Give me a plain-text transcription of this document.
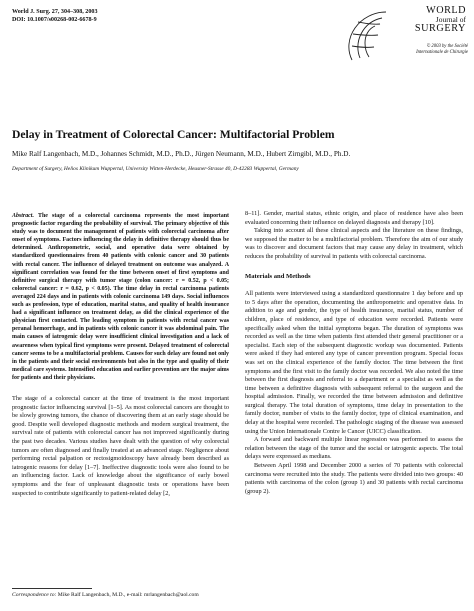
World J. Surg. 27, 304–308, 2003
DOI: 10.1007/s00268-002-6678-9
WORLD
Journal of
SURGERY
© 2003 by the Société
Internationale de Chirurgie
Delay in Treatment of Colorectal Cancer: Multifactorial Problem
Mike Ralf Langenbach, M.D., Johannes Schmidt, M.D., Ph.D., Jürgen Neumann, M.D., Hubert Zirngibl, M.D., Ph.D.
Department of Surgery, Helios Klinikum Wuppertal, University Witten-Herdecke, Heusner-Strasse 40, D-42283 Wuppertal, Germany

Abstract. The stage of a colorectal carcinoma represents the most important prognostic factor regarding the probability of survival. The primary objective of this study was to document the management of patients with colorectal carcinoma after onset of symptoms. Factors influencing the delay in definitive therapy should thus be determined. Anthropometric, social, and operative data were obtained by standardized questionnaires from 40 patients with colonic cancer and 30 patients with rectal cancer. The influence of delayed treatment on outcome was analyzed. A significant correlation was found for the time between onset of first symptoms and definitive surgical therapy with tumor stage (colon cancer: r = 0.52, p < 0.05; colorectal cancer: r = 0.62, p < 0.05). The time delay in rectal carcinoma patients averaged 224 days and in patients with colonic carcinoma 149 days. Social influences such as profession, type of education, marital status, and quality of health insurance had a significant influence on treatment delay, as did the clinical experience of the physician first contacted. The leading symptom in patients with rectal cancer was peranal hemorrhage, and in patients with colonic cancer it was abdominal pain. The main causes of iatrogenic delay were insufficient clinical investigation and a lack of awareness when typical first symptoms were present. Delayed treatment of colorectal cancer seems to be a multifactorial problem. Causes for such delay are found not only in the patients and their social environments but also in the type and quality of their medical care systems. Intensified education and earlier prevention are the major aims for patients and their physicians.

The stage of a colorectal cancer at the time of treatment is the most important prognostic factor influencing survival [1–5]. As most colorectal cancers are thought to be slowly growing tumors, the chance of discovering them at an early stage should be good. Despite well developed diagnostic methods and modern surgical treatment, the survival rate of patients with colorectal cancer has not improved significantly during the past two decades. Various studies have dealt with the question of why colorectal tumors are often diagnosed and finally treated at an advanced stage. Negligence about performing rectal palpation or rectosigmoidoscopy have already been described as iatrogenic reasons for delay [1–7]. Ineffective diagnostic tools were also found to be an influencing factor. Lack of knowledge about the significance of early bowel symptoms and the fear of unpleasant diagnostic tests or operations have been suspected to contribute significantly to patient-related delay [2,

8–11]. Gender, marital status, ethnic origin, and place of residence have also been evaluated concerning their influence on delayed diagnosis and therapy [10].

Taking into account all these clinical aspects and the literature on these findings, we supposed the matter to be a multifactorial problem. Therefore the aim of our study was to discover and document factors that may cause any delay in treatment, which reduces the probability of survival in patients with colorectal carcinoma.

Materials and Methods

All patients were interviewed using a standardized questionnaire 1 day before and up to 5 days after the operation, documenting the anthropometric and operative data. In addition to age and gender, the type of health insurance, marital status, number of children, place of residence, and type of education were recorded. Patients were specifically asked when the initial symptoms began. The duration of symptoms was recorded as well as the time when patients first attended their general practitioner or a specialist. Each step of the subsequent diagnostic workup was documented. Patients were asked if they had entered any type of cancer prevention program. Special focus was set on the clinical experience of the family doctor. The time between the first symptoms and the first visit to the family doctor was recorded. We also noted the time between the first diagnosis and referral to a department or a specialist as well as the time between a definitive diagnosis with subsequent referral to the surgeon and the hospital admission. Finally, we recorded the time between admission and definitive surgical therapy. The total duration of symptoms, time delay in presentation to the family doctor, number of visits to the family doctor, type of clinical examination, and delay at the hospital were recorded. The pathologic staging of the disease was assessed using the Union Internationale Contre le Cancer (UICC) classification.

A forward and backward multiple linear regression was performed to assess the relation between the stage of the tumor and the social or iatrogenic aspects. The total delays were expressed as medians.

Between April 1998 and December 2000 a series of 70 patients with colorectal carcinoma were recruited into the study. The patients were divided into two groups: 40 patients with carcinoma of the colon (group 1) and 30 patients with rectal carcinoma (group 2).

Correspondence to: Mike Ralf Langenbach, M.D., e-mail: mrlangenbach@aol.com
